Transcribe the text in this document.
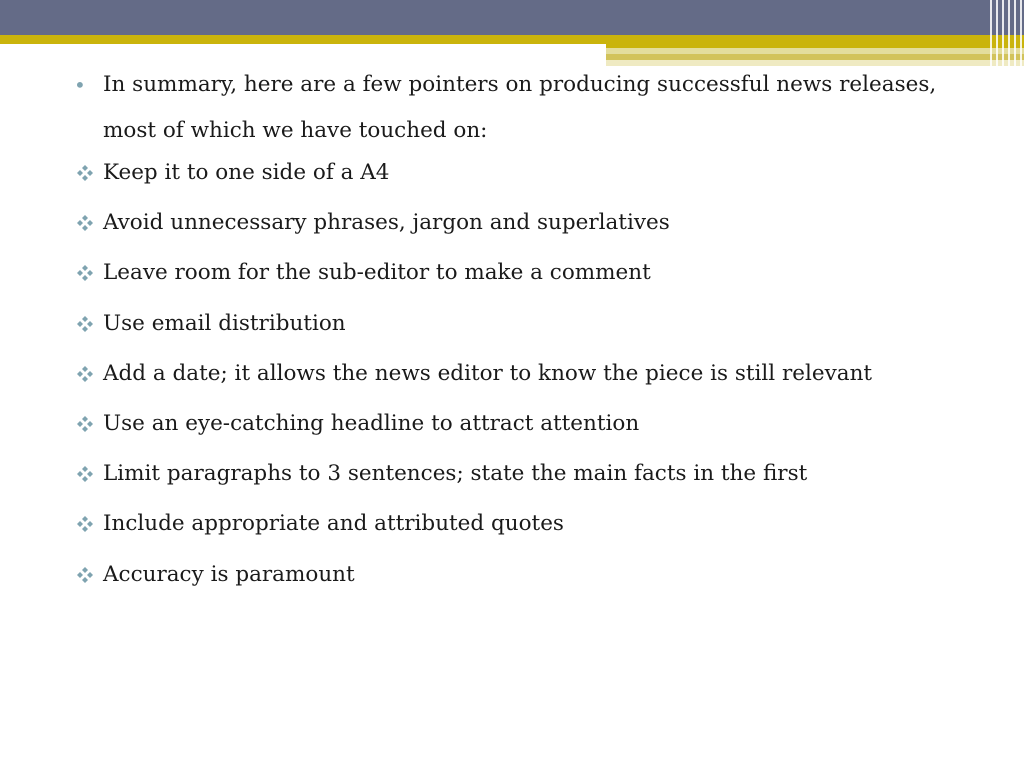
• In summary, here are a few pointers on producing successful news releases, most of which we have touched on:
Keep it to one side of a A4
Avoid unnecessary phrases, jargon and superlatives
Leave room for the sub-editor to make a comment
Use email distribution
Add a date; it allows the news editor to know the piece is still relevant
Use an eye-catching headline to attract attention
Limit paragraphs to 3 sentences; state the main facts in the first
Include appropriate and attributed quotes
Accuracy is paramount
